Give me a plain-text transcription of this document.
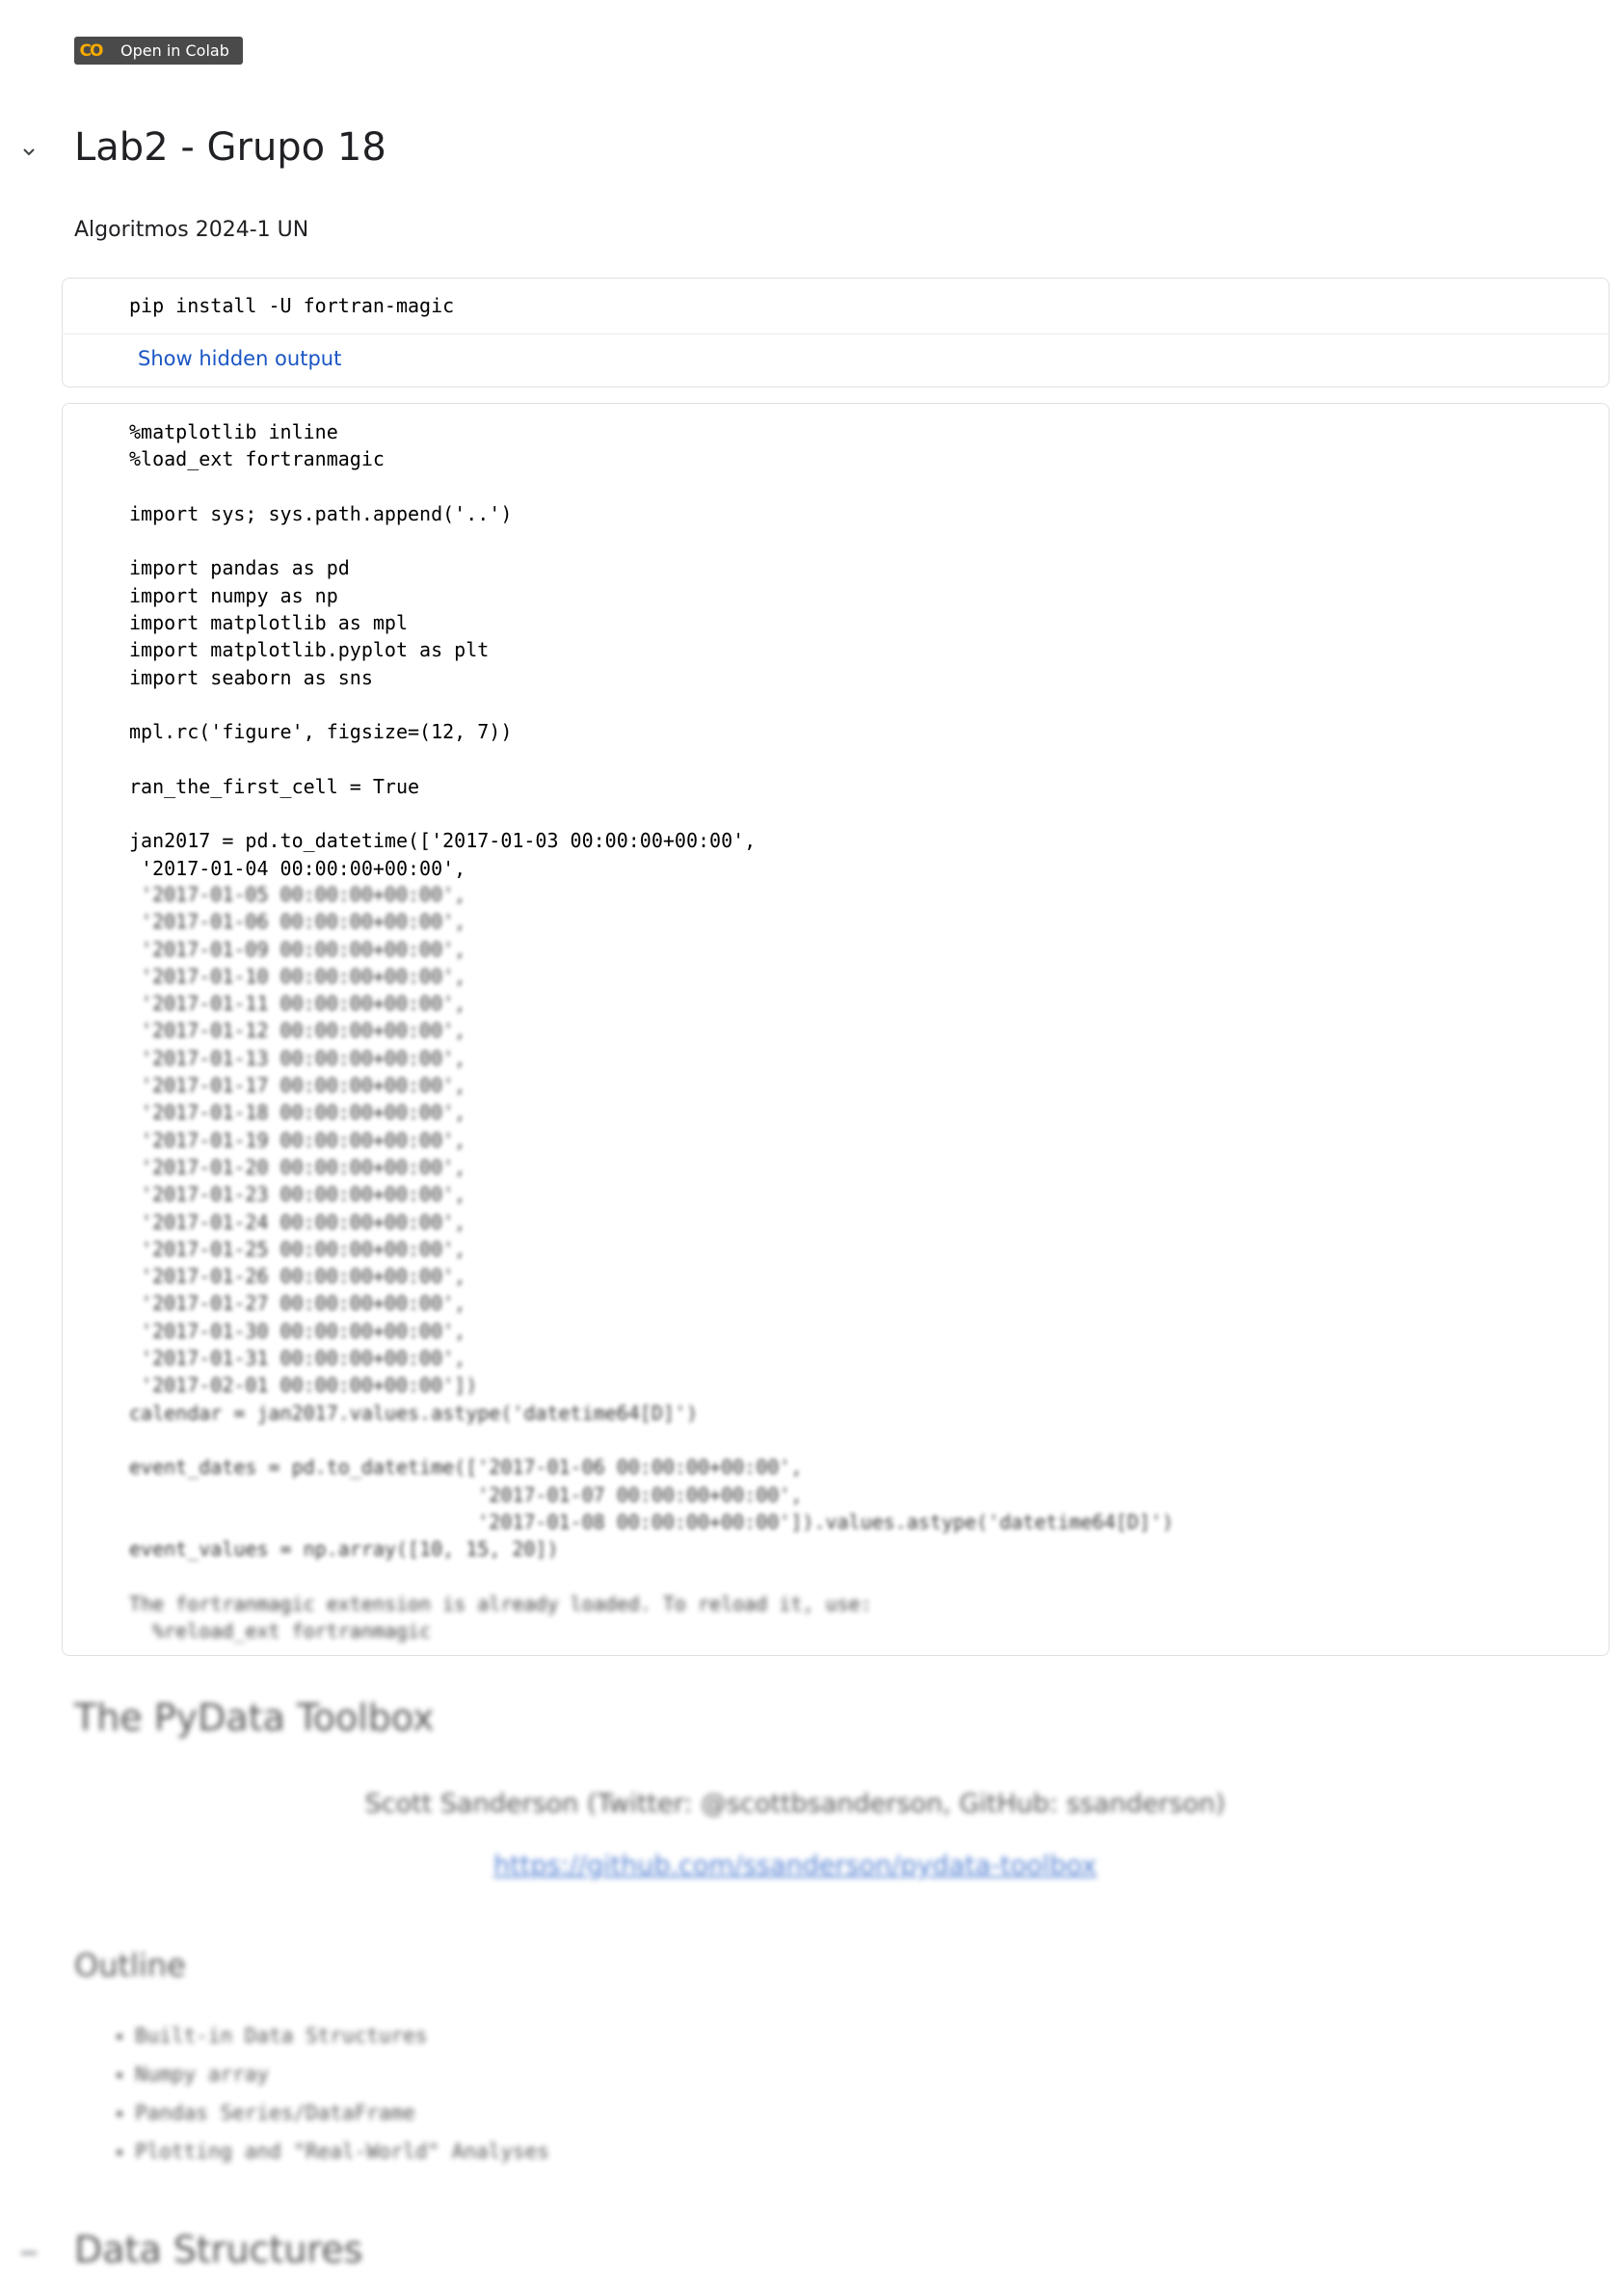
CO	Open in Colab
Lab2 - Grupo 18
Algoritmos 2024-1 UN
pip install -U fortran-magic
Show hidden output
%matplotlib inline
%load_ext fortranmagic

import sys; sys.path.append('..')

import pandas as pd
import numpy as np
import matplotlib as mpl
import matplotlib.pyplot as plt
import seaborn as sns

mpl.rc('figure', figsize=(12, 7))

ran_the_first_cell = True

jan2017 = pd.to_datetime(['2017-01-03 00:00:00+00:00',
'2017-01-04 00:00:00+00:00',
'2017-01-05 00:00:00+00:00',
'2017-01-06 00:00:00+00:00',
'2017-01-09 00:00:00+00:00',
'2017-01-10 00:00:00+00:00',
'2017-01-11 00:00:00+00:00',
'2017-01-12 00:00:00+00:00',
'2017-01-13 00:00:00+00:00',
'2017-01-17 00:00:00+00:00',
'2017-01-18 00:00:00+00:00',
'2017-01-19 00:00:00+00:00',
'2017-01-20 00:00:00+00:00',
'2017-01-23 00:00:00+00:00',
'2017-01-24 00:00:00+00:00',
'2017-01-25 00:00:00+00:00',
'2017-01-26 00:00:00+00:00',
'2017-01-27 00:00:00+00:00',
'2017-01-30 00:00:00+00:00',
'2017-01-31 00:00:00+00:00',
'2017-02-01 00:00:00+00:00'])
calendar = jan2017.values.astype('datetime64[D]')

event_dates = pd.to_datetime(['2017-01-06 00:00:00+00:00',
'2017-01-07 00:00:00+00:00',
'2017-01-08 00:00:00+00:00']).values.astype('datetime64[D]')
event_values = np.array([10, 15, 20])
The fortranmagic extension is already loaded. To reload it, use:
%reload_ext fortranmagic
The PyData Toolbox
Scott Sanderson (Twitter: @scottbsanderson, GitHub: ssanderson)
https://github.com/ssanderson/pydata-toolbox
Outline
• Built-in Data Structures
• Numpy array
• Pandas Series/DataFrame
• Plotting and "Real-World" Analyses
Data Structures
